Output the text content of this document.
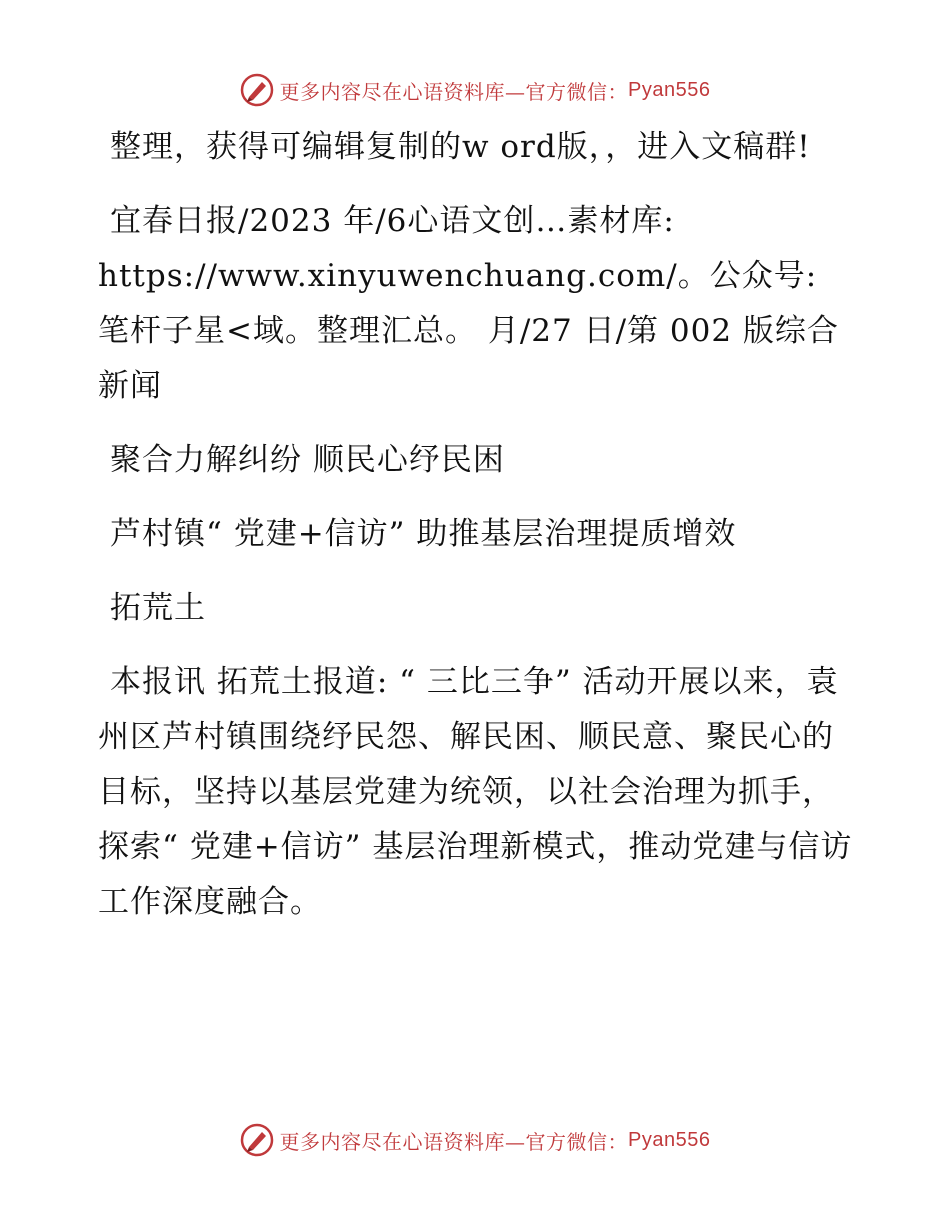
更多内容尽在心语资料库—官方微信： Pyan556

整理，获得可编辑复制的w ord版，，进入文稿群!

宜春日报/2023 年/6心语文创…素材库: https://www.xinyuwenchuang.com/。公众号: 笔杆子星<域。整理汇总。 月/27 日/第 002 版综合新闻

聚合力解纠纷 顺民心纾民困

芦村镇“ 党建+信访” 助推基层治理提质增效

拓荒土

本报讯 拓荒土报道: “ 三比三争” 活动开展以来，袁州区芦村镇围绕纾民怨、解民困、顺民意、聚民心的目标，坚持以基层党建为统领，以社会治理为抓手，探索“ 党建+信访” 基层治理新模式，推动党建与信访工作深度融合。

更多内容尽在心语资料库—官方微信： Pyan556
